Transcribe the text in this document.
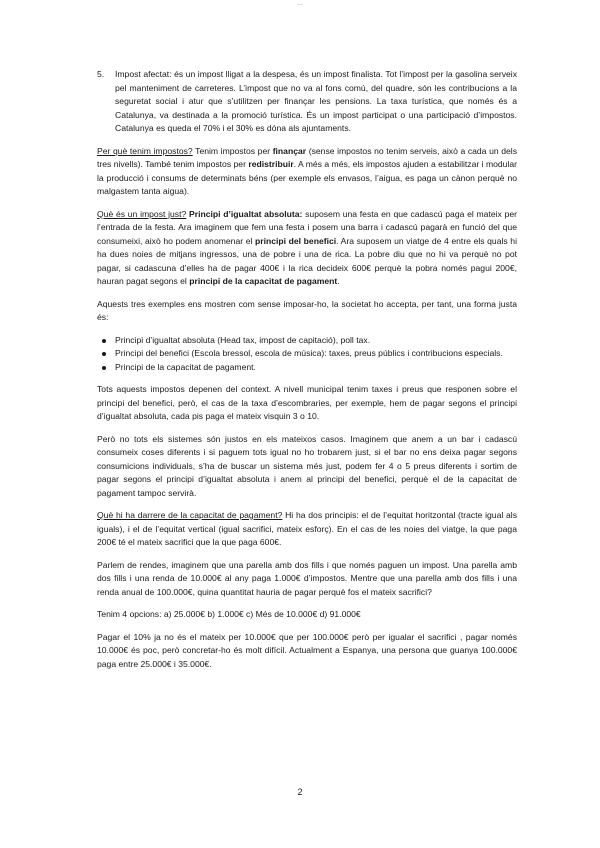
…

5. Impost afectat: és un impost lligat a la despesa, és un impost finalista. Tot l’impost per la gasolina serveix pel manteniment de carreteres. L’impost que no va al fons comú, del quadre, són les contribucions a la seguretat social i atur que s’utilitzen per finançar les pensions. La taxa turística, que només és a Catalunya, va destinada a la promoció turística. És un impost participat o una participació d’impostos. Catalunya es queda el 70% i el 30% es dóna als ajuntaments.

Per què tenim impostos? Tenim impostos per finançar (sense impostos no tenim serveis, això a cada un dels tres nivells). També tenim impostos per redistribuir. A més a més, els impostos ajuden a estabilitzar i modular la producció i consums de determinats béns (per exemple els envasos, l’aigua, es paga un cànon perquè no malgastem tanta aigua).

Què és un impost just? Principi d’igualtat absoluta: suposem una festa en que cadascú paga el mateix per l’entrada de la festa. Ara imaginem que fem una festa i posem una barra i cadascú pagarà en funció del que consumeixi, això ho podem anomenar el principi del benefici. Ara suposem un viatge de 4 entre els quals hi ha dues noies de mitjans ingressos, una de pobre i una de rica. La pobre diu que no hi va perquè no pot pagar, si cadascuna d’elles ha de pagar 400€ i la rica decideix 600€ perquè la pobra només pagui 200€, hauran pagat segons el principi de la capacitat de pagament.

Aquests tres exemples ens mostren com sense imposar-ho, la societat ho accepta, per tant, una forma justa és:

Principi d’igualtat absoluta (Head tax, impost de capitació), poll tax.
Principi del benefici (Escola bressol, escola de música): taxes, preus públics i contribucions especials.
Principi de la capacitat de pagament.

Tots aquests impostos depenen del context. A nivell municipal tenim taxes i preus que responen sobre el principi del benefici, però, el cas de la taxa d’escombraries, per exemple, hem de pagar segons el principi d’igualtat absoluta, cada pis paga el mateix visquin 3 o 10.

Però no tots els sistemes són justos en els mateixos casos. Imaginem que anem a un bar i cadascú consumeix coses diferents i si paguem tots igual no ho trobarem just, si el bar no ens deixa pagar segons consumicions individuals, s’ha de buscar un sistema més just, podem fer 4 o 5 preus diferents i sortim de pagar segons el principi d’igualtat absoluta i anem al principi del benefici, perquè el de la capacitat de pagament tampoc servirà.

Què hi ha darrere de la capacitat de pagament? Hi ha dos principis: el de l’equitat horitzontal (tracte igual als iguals), i el de l’equitat vertical (igual sacrifici, mateix esforç). En el cas de les noies del viatge, la que paga 200€ té el mateix sacrifici que la que paga 600€.

Parlem de rendes, imaginem que una parella amb dos fills i que només paguen un impost. Una parella amb dos fills i una renda de 10.000€ al any paga 1.000€ d’impostos. Mentre que una parella amb dos fills i una renda anual de 100.000€, quina quantitat hauria de pagar perquè fos el mateix sacrifici?

Tenim 4 opcions: a) 25.000€ b) 1.000€ c) Més de 10.000€ d) 91.000€

Pagar el 10% ja no és el mateix per 10.000€ que per 100.000€ però per igualar el sacrifici , pagar només 10.000€ és poc, però concretar-ho és molt difícil. Actualment a Espanya, una persona que guanya 100.000€ paga entre 25.000€ i 35.000€.

2
